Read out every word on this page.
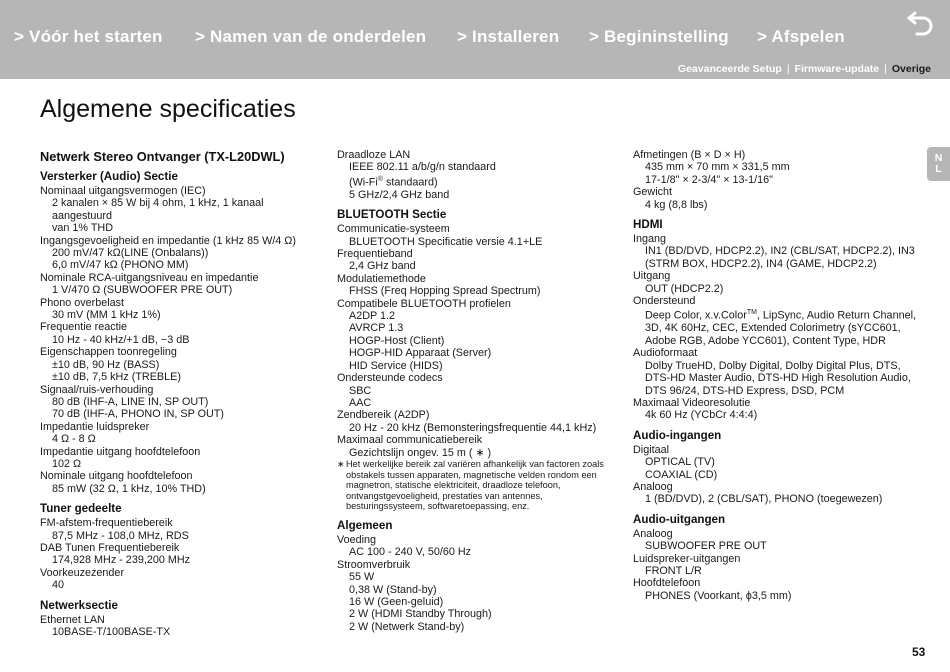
> Vóór het starten > Namen van de onderdelen > Installeren > Begininstelling > Afspelen
Geavanceerde Setup | Firmware-update | Overige
Algemene specificaties
Netwerk Stereo Ontvanger (TX-L20DWL)
Versterker (Audio) Sectie
Nominaal uitgangsvermogen (IEC)
2 kanalen × 85 W bij 4 ohm, 1 kHz, 1 kanaal aangestuurd
van 1% THD
Ingangsgevoeligheid en impedantie (1 kHz 85 W/4 Ω)
200 mV/47 kΩ(LINE (Onbalans))
6,0 mV/47 kΩ (PHONO MM)
Nominale RCA-uitgangsniveau en impedantie
1 V/470 Ω (SUBWOOFER PRE OUT)
Phono overbelast
30 mV (MM 1 kHz 1%)
Frequentie reactie
10 Hz - 40 kHz/+1 dB, −3 dB
Eigenschappen toonregeling
±10 dB, 90 Hz (BASS)
±10 dB, 7,5 kHz (TREBLE)
Signaal/ruis-verhouding
80 dB (IHF-A, LINE IN, SP OUT)
70 dB (IHF-A, PHONO IN, SP OUT)
Impedantie luidspreker
4 Ω - 8 Ω
Impedantie uitgang hoofdtelefoon
102 Ω
Nominale uitgang hoofdtelefoon
85 mW (32 Ω, 1 kHz, 10% THD)
Tuner gedeelte
FM-afstem-frequentiebereik
87,5 MHz - 108,0 MHz, RDS
DAB Tunen Frequentiebereik
174,928 MHz - 239,200 MHz
Voorkeuzezender
40
Netwerksectie
Ethernet LAN
10BASE-T/100BASE-TX
Draadloze LAN
IEEE 802.11 a/b/g/n standaard
(Wi-Fi® standaard)
5 GHz/2,4 GHz band
BLUETOOTH Sectie
Communicatie-systeem
BLUETOOTH Specificatie versie 4.1+LE
Frequentieband
2,4 GHz band
Modulatiemethode
FHSS (Freq Hopping Spread Spectrum)
Compatibele BLUETOOTH profielen
A2DP 1.2
AVRCP 1.3
HOGP-Host (Client)
HOGP-HID Apparaat (Server)
HID Service (HIDS)
Ondersteunde codecs
SBC
AAC
Zendbereik (A2DP)
20 Hz - 20 kHz (Bemonsteringsfrequentie 44,1 kHz)
Maximaal communicatiebereik
Gezichtslijn ongev. 15 m ( ∗ )
∗ Het werkelijke bereik zal variëren afhankelijk van factoren zoals obstakels tussen apparaten, magnetische velden rondom een magnetron, statische elektriciteit, draadloze telefoon, ontvangstgevoeligheid, prestaties van antennes, besturingssysteem, softwaretoepassing, enz.
Algemeen
Voeding
AC 100 - 240 V, 50/60 Hz
Stroomverbruik
55 W
0,38 W (Stand-by)
16 W (Geen-geluid)
2 W (HDMI Standby Through)
2 W (Netwerk Stand-by)
Afmetingen (B × D × H)
435 mm × 70 mm × 331,5 mm
17-1/8" × 2-3/4" × 13-1/16"
Gewicht
4 kg (8,8 lbs)
HDMI
Ingang
IN1 (BD/DVD, HDCP2.2), IN2 (CBL/SAT, HDCP2.2), IN3
(STRM BOX, HDCP2.2), IN4 (GAME, HDCP2.2)
Uitgang
OUT (HDCP2.2)
Ondersteund
Deep Color, x.v.Color™, LipSync, Audio Return Channel,
3D, 4K 60Hz, CEC, Extended Colorimetry (sYCC601,
Adobe RGB, Adobe YCC601), Content Type, HDR
Audioformaat
Dolby TrueHD, Dolby Digital, Dolby Digital Plus, DTS,
DTS-HD Master Audio, DTS-HD High Resolution Audio,
DTS 96/24, DTS-HD Express, DSD, PCM
Maximaal Videoresolutie
4k 60 Hz (YCbCr 4:4:4)
Audio-ingangen
Digitaal
OPTICAL (TV)
COAXIAL (CD)
Analoog
1 (BD/DVD), 2 (CBL/SAT), PHONO (toegewezen)
Audio-uitgangen
Analoog
SUBWOOFER PRE OUT
Luidspreker-uitgangen
FRONT L/R
Hoofdtelefoon
PHONES (Voorkant, ϕ3,5 mm)
N
L
53
